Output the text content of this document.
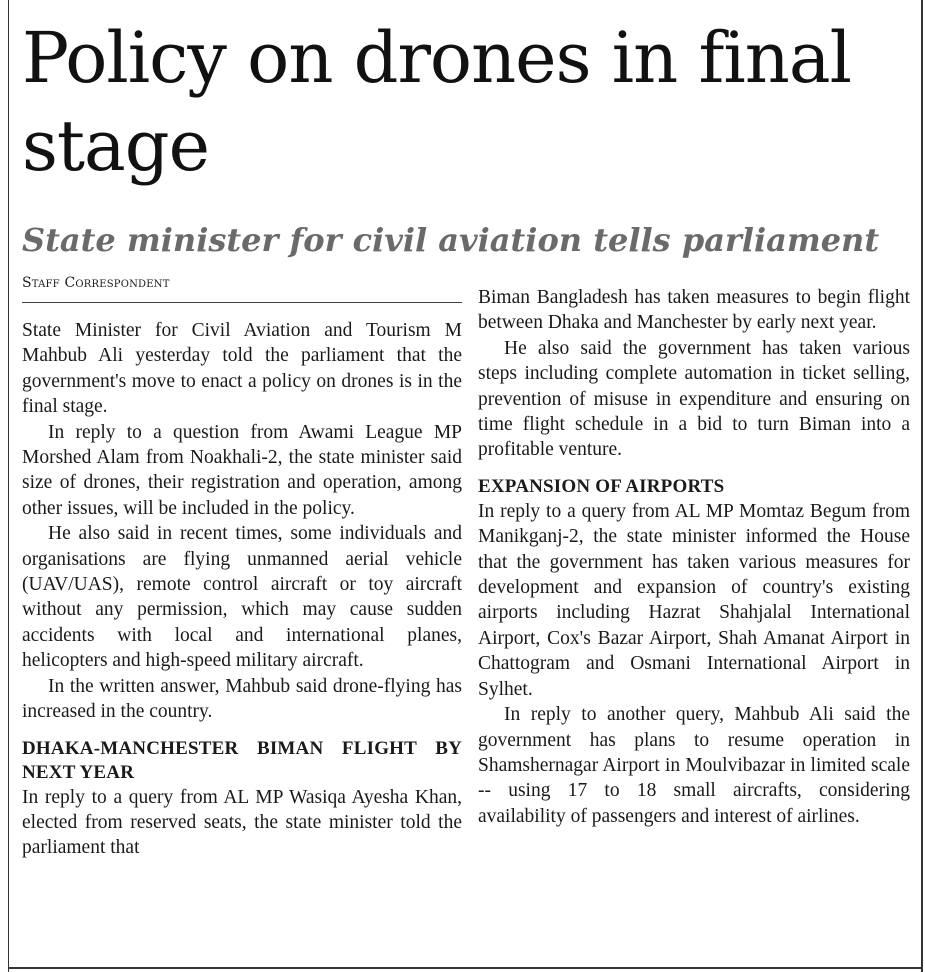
Policy on drones in final stage
State minister for civil aviation tells parliament
Staff Correspondent

State Minister for Civil Aviation and Tourism M Mahbub Ali yesterday told the parliament that the government's move to enact a policy on drones is in the final stage.

In reply to a question from Awami League MP Morshed Alam from Noakhali-2, the state minister said size of drones, their registration and operation, among other issues, will be included in the policy.

He also said in recent times, some individuals and organisations are flying unmanned aerial vehicle (UAV/UAS), remote control aircraft or toy aircraft without any permission, which may cause sudden accidents with local and international planes, helicopters and high-speed military aircraft.

In the written answer, Mahbub said drone-flying has increased in the country.

DHAKA-MANCHESTER BIMAN FLIGHT BY NEXT YEAR

In reply to a query from AL MP Wasiqa Ayesha Khan, elected from reserved seats, the state minister told the parliament that

Biman Bangladesh has taken measures to begin flight between Dhaka and Manchester by early next year.

He also said the government has taken various steps including complete automation in ticket selling, prevention of misuse in expenditure and ensuring on time flight schedule in a bid to turn Biman into a profitable venture.

EXPANSION OF AIRPORTS

In reply to a query from AL MP Momtaz Begum from Manikganj-2, the state minister informed the House that the government has taken various measures for development and expansion of country's existing airports including Hazrat Shahjalal International Airport, Cox's Bazar Airport, Shah Amanat Airport in Chattogram and Osmani International Airport in Sylhet.

In reply to another query, Mahbub Ali said the government has plans to resume operation in Shamshernagar Airport in Moulvibazar in limited scale -- using 17 to 18 small aircrafts, considering availability of passengers and interest of airlines.
